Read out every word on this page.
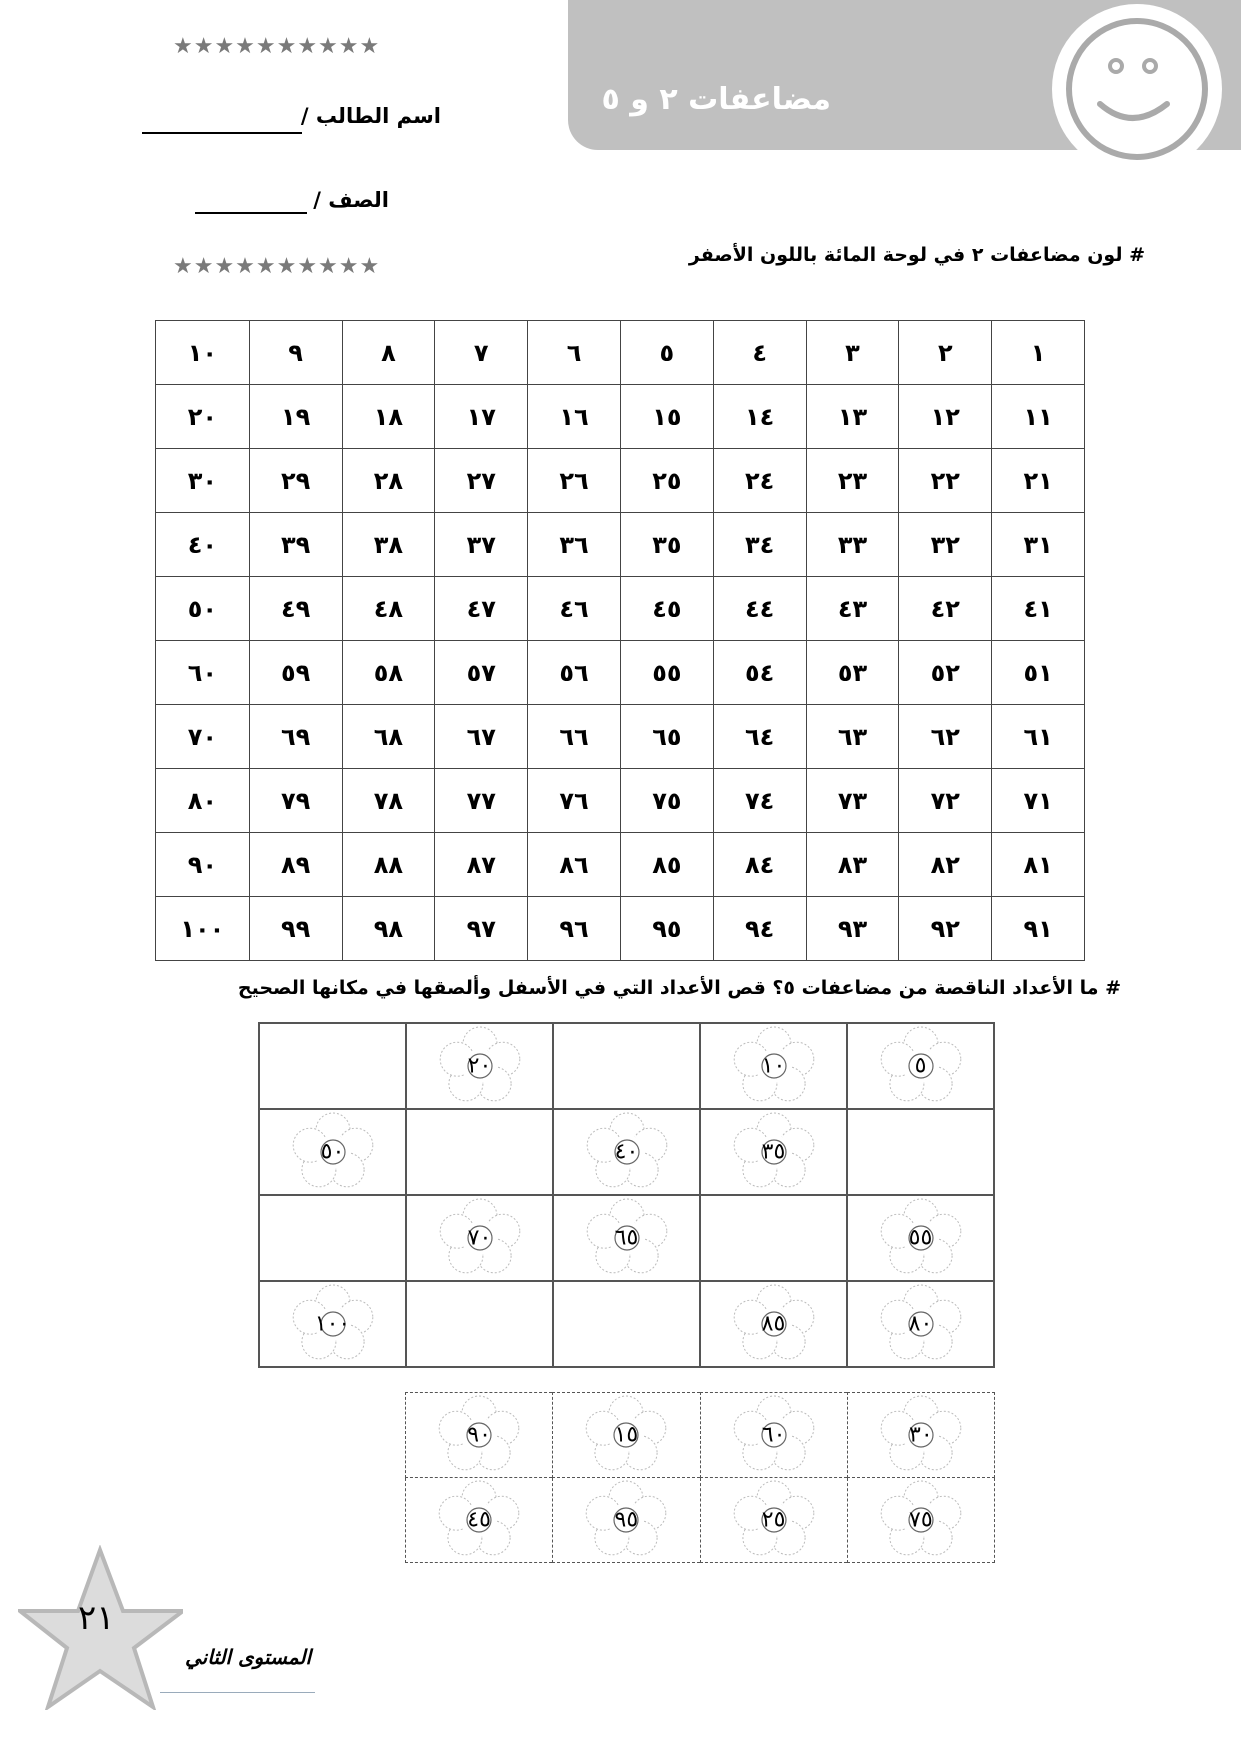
مضاعفات ٢ و ٥
★★★★★★★★★★
اسم الطالب /
الصف /
★★★★★★★★★★	# لون مضاعفات ٢ في لوحة المائة باللون الأصفر
١	٢	٣	٤	٥	٦	٧	٨	٩	١٠
١١	١٢	١٣	١٤	١٥	١٦	١٧	١٨	١٩	٢٠
٢١	٢٢	٢٣	٢٤	٢٥	٢٦	٢٧	٢٨	٢٩	٣٠
٣١	٣٢	٣٣	٣٤	٣٥	٣٦	٣٧	٣٨	٣٩	٤٠
٤١	٤٢	٤٣	٤٤	٤٥	٤٦	٤٧	٤٨	٤٩	٥٠
٥١	٥٢	٥٣	٥٤	٥٥	٥٦	٥٧	٥٨	٥٩	٦٠
٦١	٦٢	٦٣	٦٤	٦٥	٦٦	٦٧	٦٨	٦٩	٧٠
٧١	٧٢	٧٣	٧٤	٧٥	٧٦	٧٧	٧٨	٧٩	٨٠
٨١	٨٢	٨٣	٨٤	٨٥	٨٦	٨٧	٨٨	٨٩	٩٠
٩١	٩٢	٩٣	٩٤	٩٥	٩٦	٩٧	٩٨	٩٩	١٠٠
# ما الأعداد الناقصة من مضاعفات ٥؟ قص الأعداد التي في الأسفل وألصقها في مكانها الصحيح
٥	١٠		٢٠	

	٣٥	٤٠		٥٠

٥٥		٦٥	٧٠	

٨٠	٨٥			١٠٠
٣٠	٦٠	١٥	٩٠

٧٥	٢٥	٩٥	٤٥
٢١
المستوى الثاني
